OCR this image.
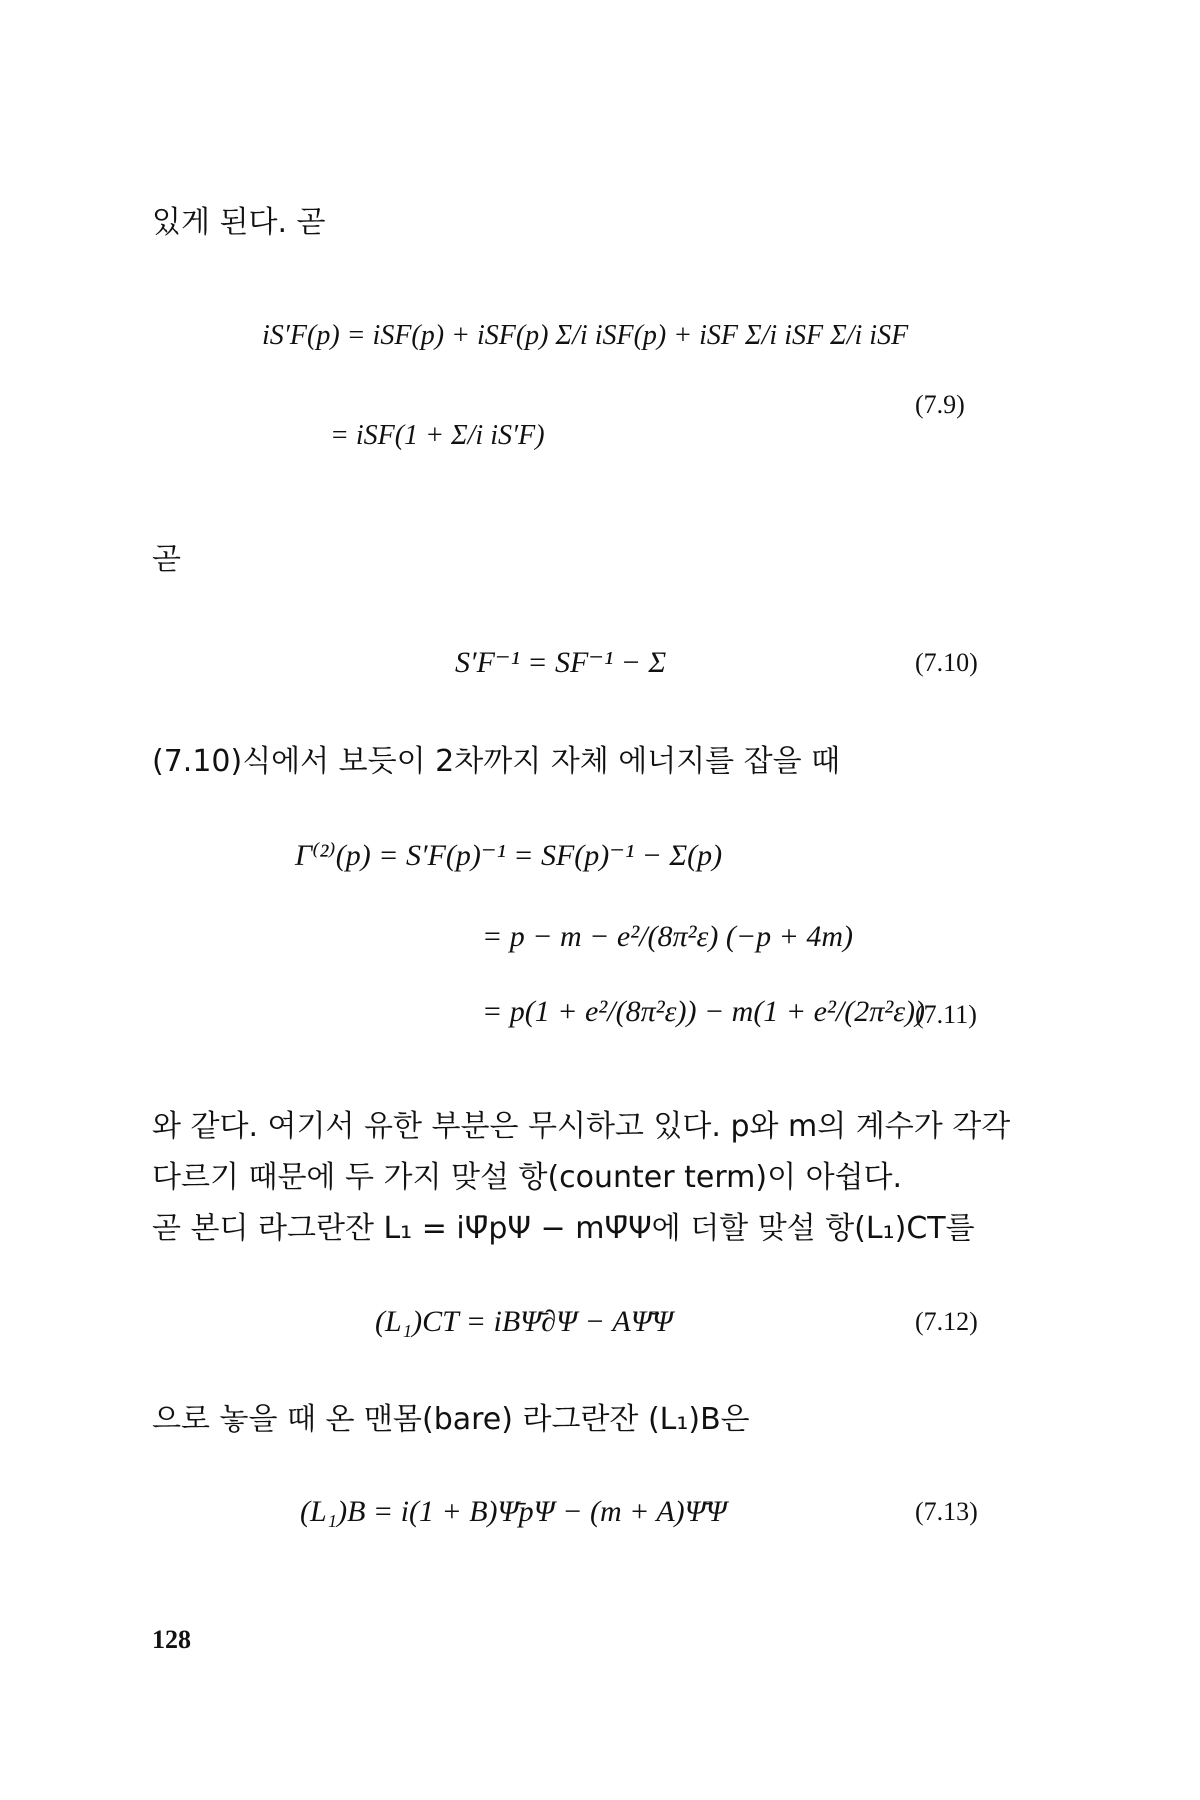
있게 된다. 곧
iS′F(p) = iSF(p) + iSF(p) Σ/i iSF(p) + iSF Σ/i iSF Σ/i iSF
= iSF(1 + Σ/i iS′F)
(7.9)
곧
S′F⁻¹ = SF⁻¹ − Σ	(7.10)
(7.10)식에서 보듯이 2차까지 자체 에너지를 잡을 때
Γ⁽²⁾(p) = S′F(p)⁻¹ = SF(p)⁻¹ − Σ(p)
= p − m − e²/(8π²ε) (−p + 4m)
= p(1 + e²/(8π²ε)) − m(1 + e²/(2π²ε))
(7.11)
와 같다. 여기서 유한 부분은 무시하고 있다. p와 m의 계수가 각각
다르기 때문에 두 가지 맞설 항(counter term)이 아쉽다.
곧 본디 라그란잔 L₁ = iΨ̄pΨ − mΨ̄Ψ에 더할 맞설 항(L₁)CT를
(L₁)CT = iBΨ̄∂Ψ − AΨ̄Ψ	(7.12)
으로 놓을 때 온 맨몸(bare) 라그란잔 (L₁)B은
(L₁)B = i(1 + B)Ψ̄pΨ − (m + A)Ψ̄Ψ	(7.13)
128
